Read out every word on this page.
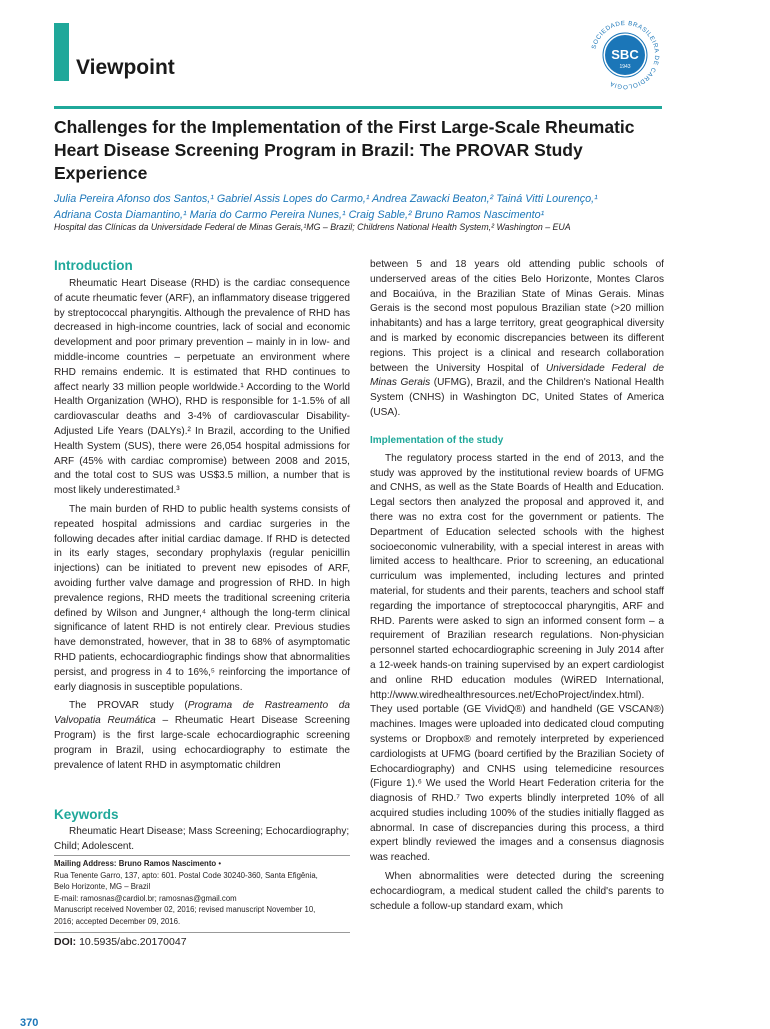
Viewpoint
SOCIEDADE BRASILEIRA DE CARDIOLOGIA
SBC
1943
Challenges for the Implementation of the First Large-Scale Rheumatic Heart Disease Screening Program in Brazil: The PROVAR Study Experience
Julia Pereira Afonso dos Santos,¹ Gabriel Assis Lopes do Carmo,¹ Andrea Zawacki Beaton,² Tainá Vitti Lourenço,¹
Adriana Costa Diamantino,¹ Maria do Carmo Pereira Nunes,¹ Craig Sable,² Bruno Ramos Nascimento¹
Hospital das Clínicas da Universidade Federal de Minas Gerais,¹MG – Brazil; Childrens National Health System,² Washington – EUA
Introduction

Rheumatic Heart Disease (RHD) is the cardiac consequence of acute rheumatic fever (ARF), an inflammatory disease triggered by streptococcal pharyngitis. Although the prevalence of RHD has decreased in high-income countries, lack of social and economic development and poor primary prevention – mainly in in low- and middle-income countries – perpetuate an environment where RHD remains endemic. It is estimated that RHD continues to affect nearly 33 million people worldwide.¹ According to the World Health Organization (WHO), RHD is responsible for 1-1.5% of all cardiovascular deaths and 3-4% of cardiovascular Disability-Adjusted Life Years (DALYs).² In Brazil, according to the Unified Health System (SUS), there were 26,054 hospital admissions for ARF (45% with cardiac compromise) between 2008 and 2015, and the total cost to SUS was US$3.5 million, a number that is most likely underestimated.³

The main burden of RHD to public health systems consists of repeated hospital admissions and cardiac surgeries in the following decades after initial cardiac damage. If RHD is detected in its early stages, secondary prophylaxis (regular penicillin injections) can be initiated to prevent new episodes of ARF, avoiding further valve damage and progression of RHD. In high prevalence regions, RHD meets the traditional screening criteria defined by Wilson and Jungner,⁴ although the long-term clinical significance of latent RHD is not entirely clear. Previous studies have demonstrated, however, that in 38 to 68% of asymptomatic RHD patients, echocardiographic findings show that abnormalities persist, and progress in 4 to 16%,⁵ reinforcing the importance of early diagnosis in susceptible populations.

The PROVAR study (Programa de Rastreamento da Valvopatia Reumática – Rheumatic Heart Disease Screening Program) is the first large-scale echocardiographic screening program in Brazil, using echocardiography to estimate the prevalence of latent RHD in asymptomatic children

Keywords
Rheumatic Heart Disease; Mass Screening; Echocardiography; Child; Adolescent.
Mailing Address: Bruno Ramos Nascimento •
Rua Tenente Garro, 137, apto: 601. Postal Code 30240-360, Santa Efigênia,
Belo Horizonte, MG – Brazil
E-mail: ramosnas@cardiol.br; ramosnas@gmail.com
Manuscript received November 02, 2016; revised manuscript November 10,
2016; accepted December 09, 2016.
DOI: 10.5935/abc.20170047

between 5 and 18 years old attending public schools of underserved areas of the cities Belo Horizonte, Montes Claros and Bocaiúva, in the Brazilian State of Minas Gerais. Minas Gerais is the second most populous Brazilian state (>20 million inhabitants) and has a large territory, great geographical diversity and is marked by economic discrepancies between its different regions. This project is a clinical and research collaboration between the University Hospital of Universidade Federal de Minas Gerais (UFMG), Brazil, and the Children's National Health System (CNHS) in Washington DC, United States of America (USA).

Implementation of the study

The regulatory process started in the end of 2013, and the study was approved by the institutional review boards of UFMG and CNHS, as well as the State Boards of Health and Education. Legal sectors then analyzed the proposal and approved it, and there was no extra cost for the government or patients. The Department of Education selected schools with the highest socioeconomic vulnerability, with a special interest in areas with limited access to healthcare. Prior to screening, an educational curriculum was implemented, including lectures and printed material, for students and their parents, teachers and school staff regarding the importance of streptococcal pharyngitis, ARF and RHD. Parents were asked to sign an informed consent form – a requirement of Brazilian research regulations. Non-physician personnel started echocardiographic screening in July 2014 after a 12-week hands-on training supervised by an expert cardiologist and online RHD education modules (WiRED International, http://www.wiredhealthresources.net/EchoProject/index.html). They used portable (GE VividQ®) and handheld (GE VSCAN®) machines. Images were uploaded into dedicated cloud computing systems or Dropbox® and remotely interpreted by experienced cardiologists at UFMG (board certified by the Brazilian Society of Echocardiography) and CNHS using telemedicine resources (Figure 1).⁶ We used the World Heart Federation criteria for the diagnosis of RHD.⁷ Two experts blindly interpreted 10% of all acquired studies including 100% of the studies initially flagged as abnormal. In case of discrepancies during this process, a third expert blindly reviewed the images and a consensus diagnosis was reached.

When abnormalities were detected during the screening echocardiogram, a medical student called the child's parents to schedule a follow-up standard exam, which

370
